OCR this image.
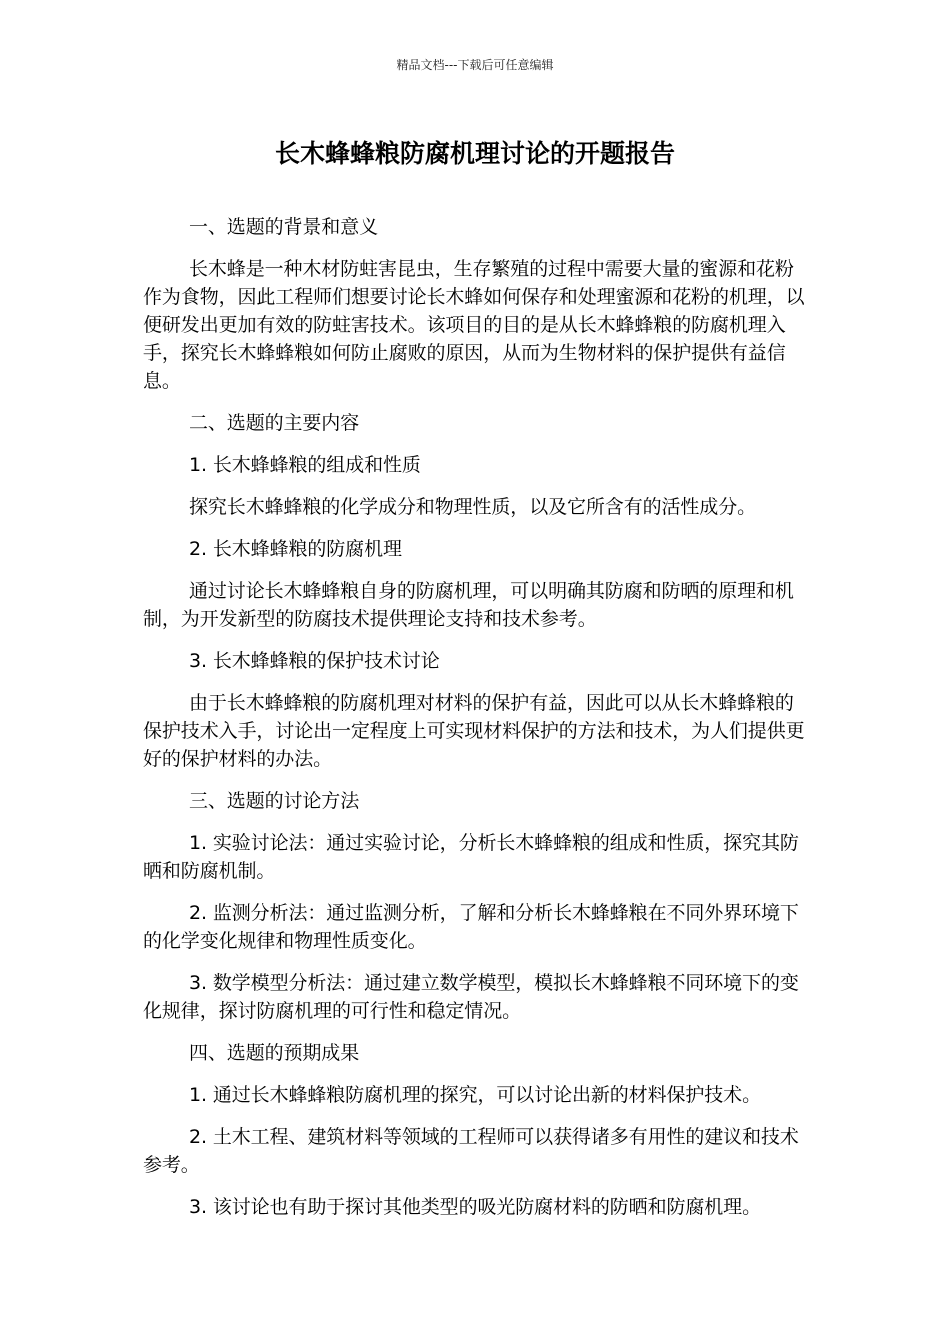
精品文档---下载后可任意编辑
长木蜂蜂粮防腐机理讨论的开题报告

一、选题的背景和意义

长木蜂是一种木材防蛀害昆虫，生存繁殖的过程中需要大量的蜜源和花粉作为食物，因此工程师们想要讨论长木蜂如何保存和处理蜜源和花粉的机理，以便研发出更加有效的防蛀害技术。该项目的目的是从长木蜂蜂粮的防腐机理入手，探究长木蜂蜂粮如何防止腐败的原因，从而为生物材料的保护提供有益信息。

二、选题的主要内容

1. 长木蜂蜂粮的组成和性质

探究长木蜂蜂粮的化学成分和物理性质，以及它所含有的活性成分。

2. 长木蜂蜂粮的防腐机理

通过讨论长木蜂蜂粮自身的防腐机理，可以明确其防腐和防晒的原理和机制，为开发新型的防腐技术提供理论支持和技术参考。

3. 长木蜂蜂粮的保护技术讨论

由于长木蜂蜂粮的防腐机理对材料的保护有益，因此可以从长木蜂蜂粮的保护技术入手，讨论出一定程度上可实现材料保护的方法和技术，为人们提供更好的保护材料的办法。

三、选题的讨论方法

1. 实验讨论法：通过实验讨论，分析长木蜂蜂粮的组成和性质，探究其防晒和防腐机制。

2. 监测分析法：通过监测分析，了解和分析长木蜂蜂粮在不同外界环境下的化学变化规律和物理性质变化。

3. 数学模型分析法：通过建立数学模型，模拟长木蜂蜂粮不同环境下的变化规律，探讨防腐机理的可行性和稳定情况。

四、选题的预期成果

1. 通过长木蜂蜂粮防腐机理的探究，可以讨论出新的材料保护技术。

2. 土木工程、建筑材料等领域的工程师可以获得诸多有用性的建议和技术参考。

3. 该讨论也有助于探讨其他类型的吸光防腐材料的防晒和防腐机理。
